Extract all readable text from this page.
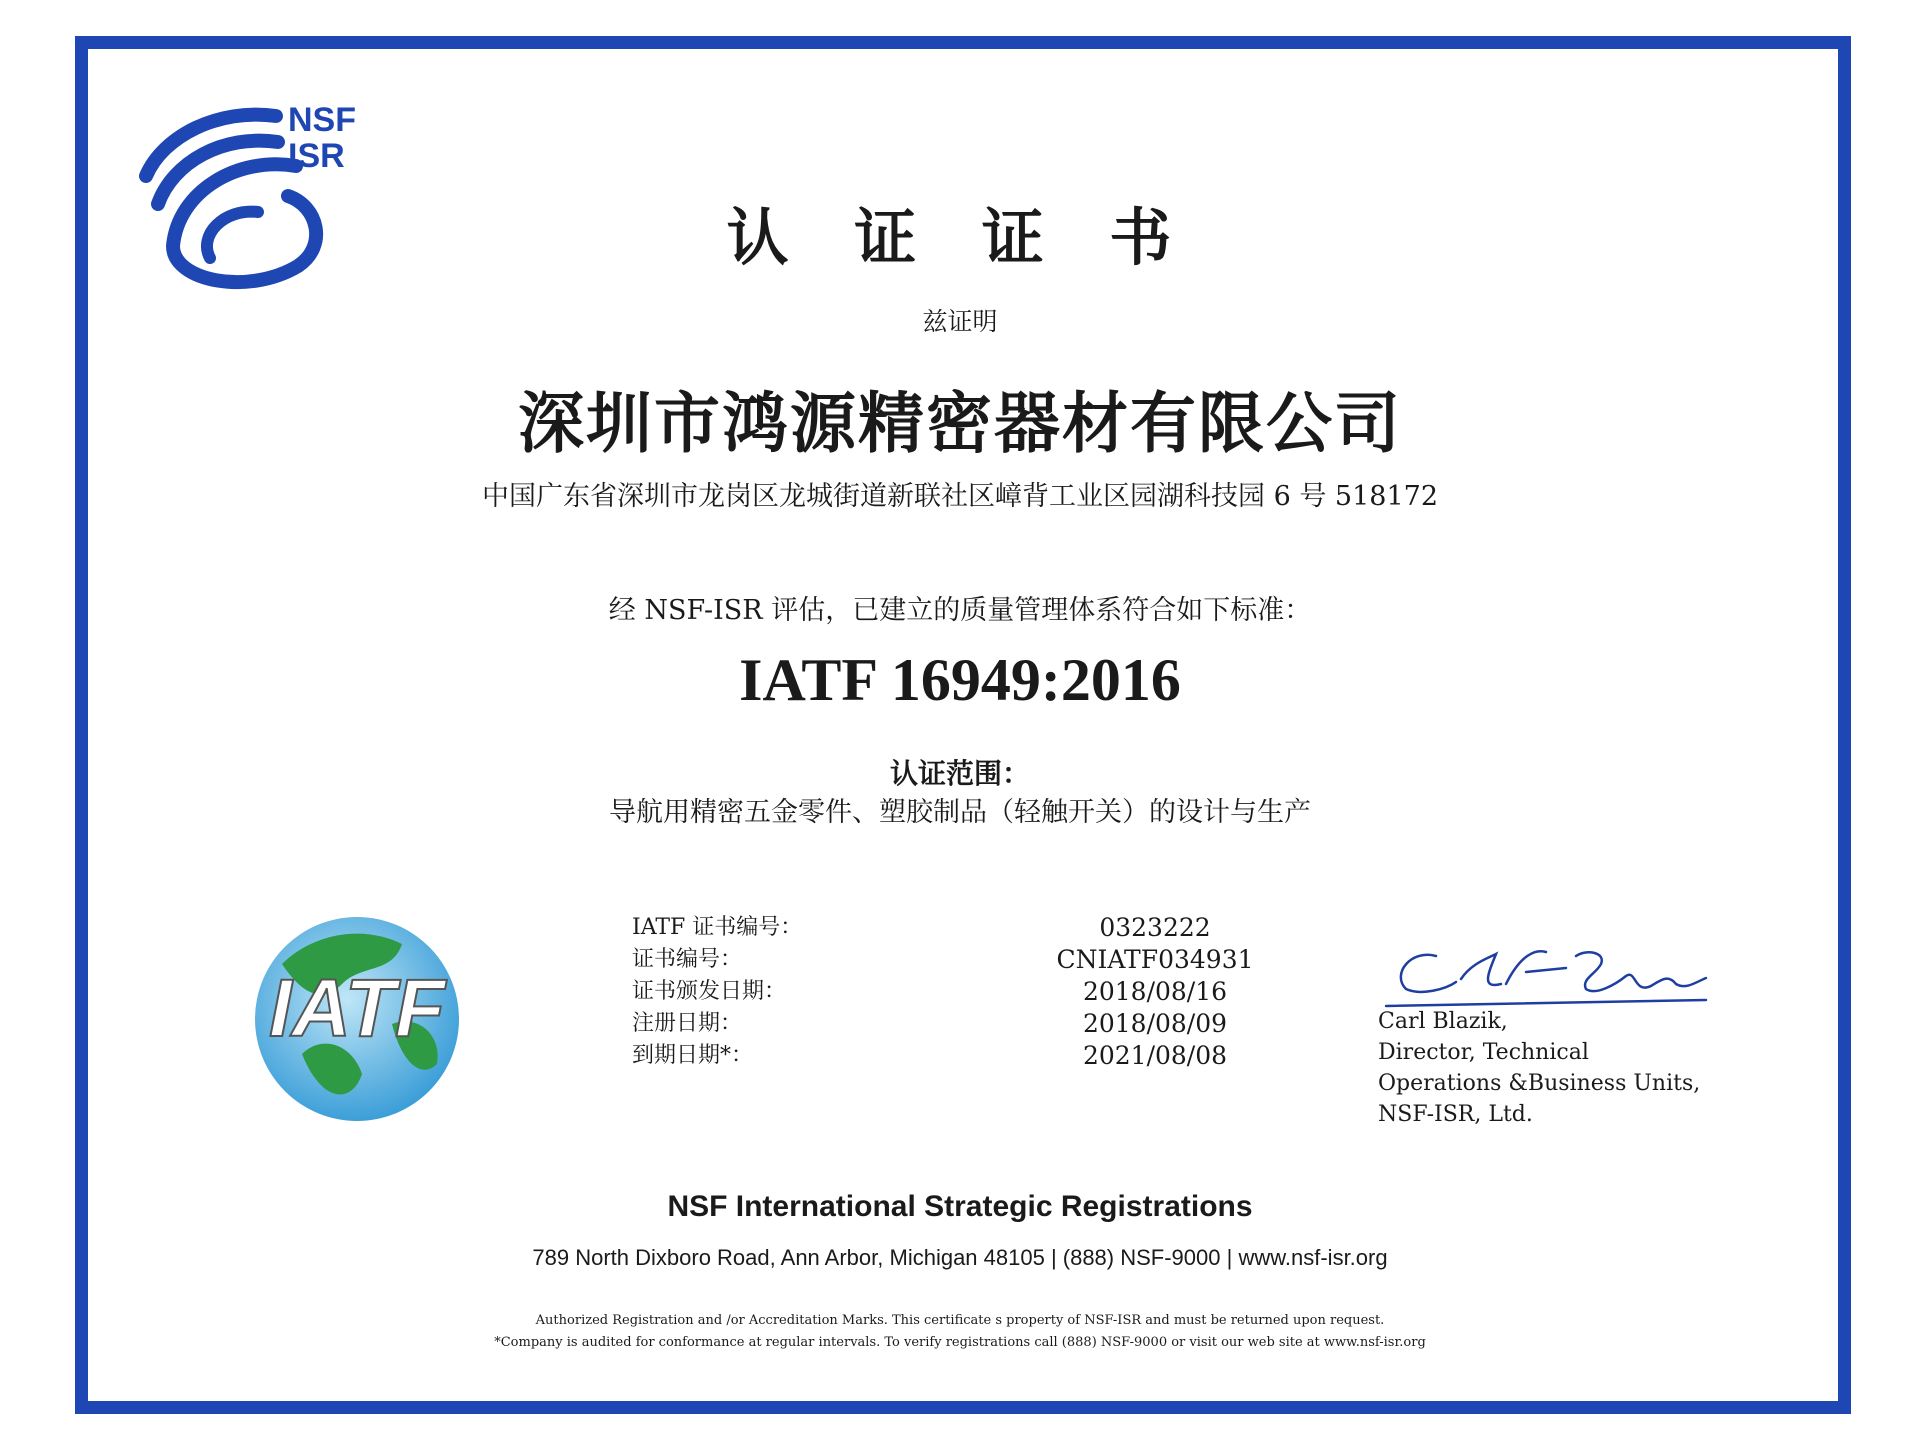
NSF
ISR
认 证 证 书
兹证明
深圳市鸿源精密器材有限公司
中国广东省深圳市龙岗区龙城街道新联社区嶂背工业区园湖科技园 6 号 518172
经 NSF-ISR 评估，已建立的质量管理体系符合如下标准：
IATF 16949:2016
认证范围：
导航用精密五金零件、塑胶制品（轻触开关）的设计与生产
IATF
IATF 证书编号：
证书编号：
证书颁发日期：
注册日期：
到期日期*：
0323222
CNIATF034931
2018/08/16
2018/08/09
2021/08/08
Carl Blazik,
Director, Technical
Operations &Business Units,
NSF-ISR, Ltd.
NSF International Strategic Registrations
789 North Dixboro Road, Ann Arbor, Michigan 48105 | (888) NSF-9000 | www.nsf-isr.org
Authorized Registration and /or Accreditation Marks. This certificate s property of NSF-ISR and must be returned upon request.
*Company is audited for conformance at regular intervals. To verify registrations call (888) NSF-9000 or visit our web site at www.nsf-isr.org
